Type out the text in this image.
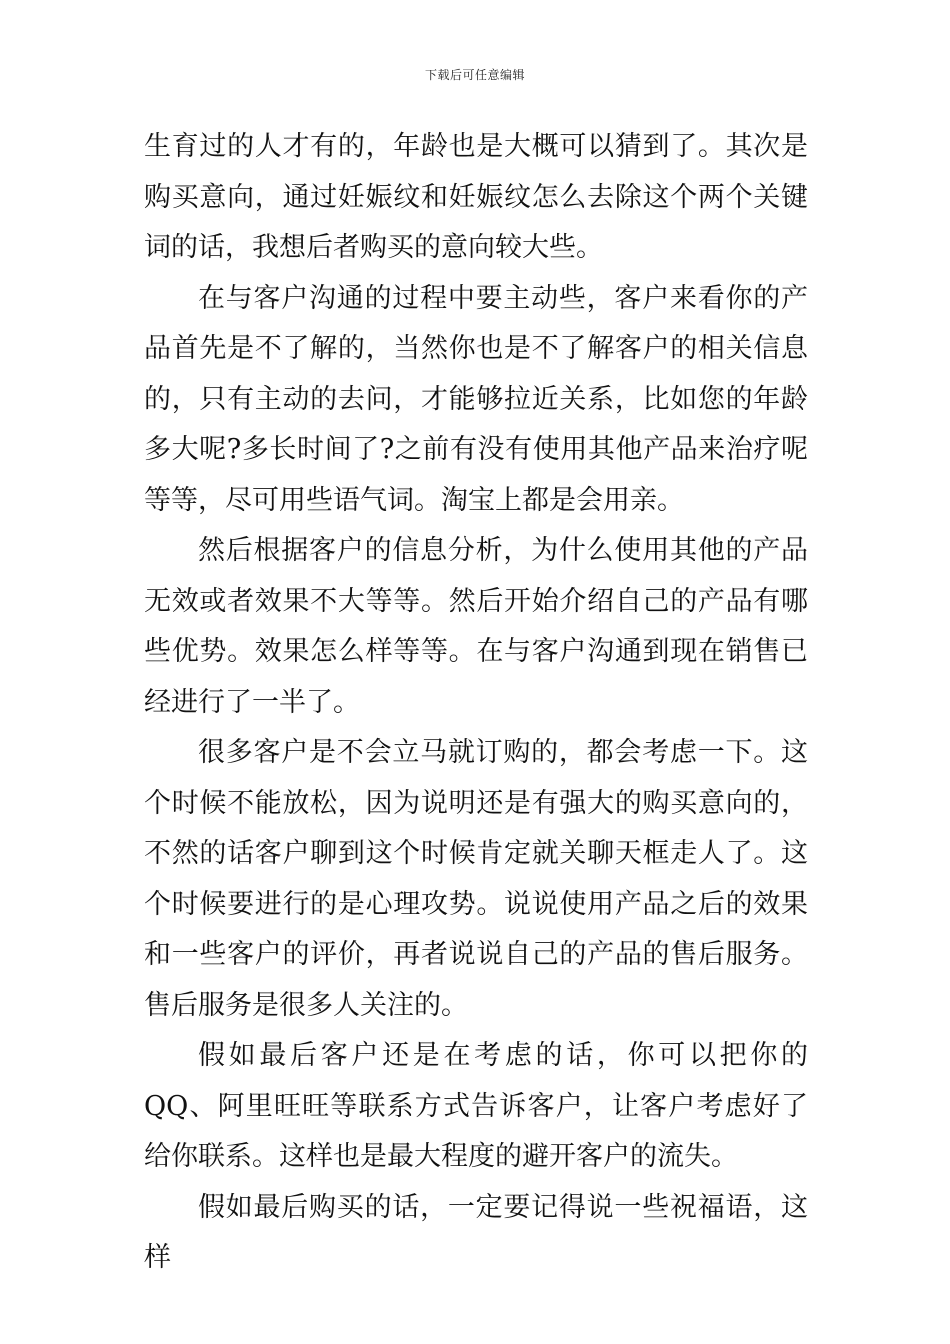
下载后可任意编辑

生育过的人才有的，年龄也是大概可以猜到了。其次是购买意向，通过妊娠纹和妊娠纹怎么去除这个两个关键词的话，我想后者购买的意向较大些。

在与客户沟通的过程中要主动些，客户来看你的产品首先是不了解的，当然你也是不了解客户的相关信息的，只有主动的去问，才能够拉近关系，比如您的年龄多大呢?多长时间了?之前有没有使用其他产品来治疗呢等等，尽可用些语气词。淘宝上都是会用亲。

然后根据客户的信息分析，为什么使用其他的产品无效或者效果不大等等。然后开始介绍自己的产品有哪些优势。效果怎么样等等。在与客户沟通到现在销售已经进行了一半了。

很多客户是不会立马就订购的，都会考虑一下。这个时候不能放松，因为说明还是有强大的购买意向的，不然的话客户聊到这个时候肯定就关聊天框走人了。这个时候要进行的是心理攻势。说说使用产品之后的效果和一些客户的评价，再者说说自己的产品的售后服务。售后服务是很多人关注的。

假如最后客户还是在考虑的话，你可以把你的QQ、阿里旺旺等联系方式告诉客户，让客户考虑好了给你联系。这样也是最大程度的避开客户的流失。

假如最后购买的话，一定要记得说一些祝福语，这样
